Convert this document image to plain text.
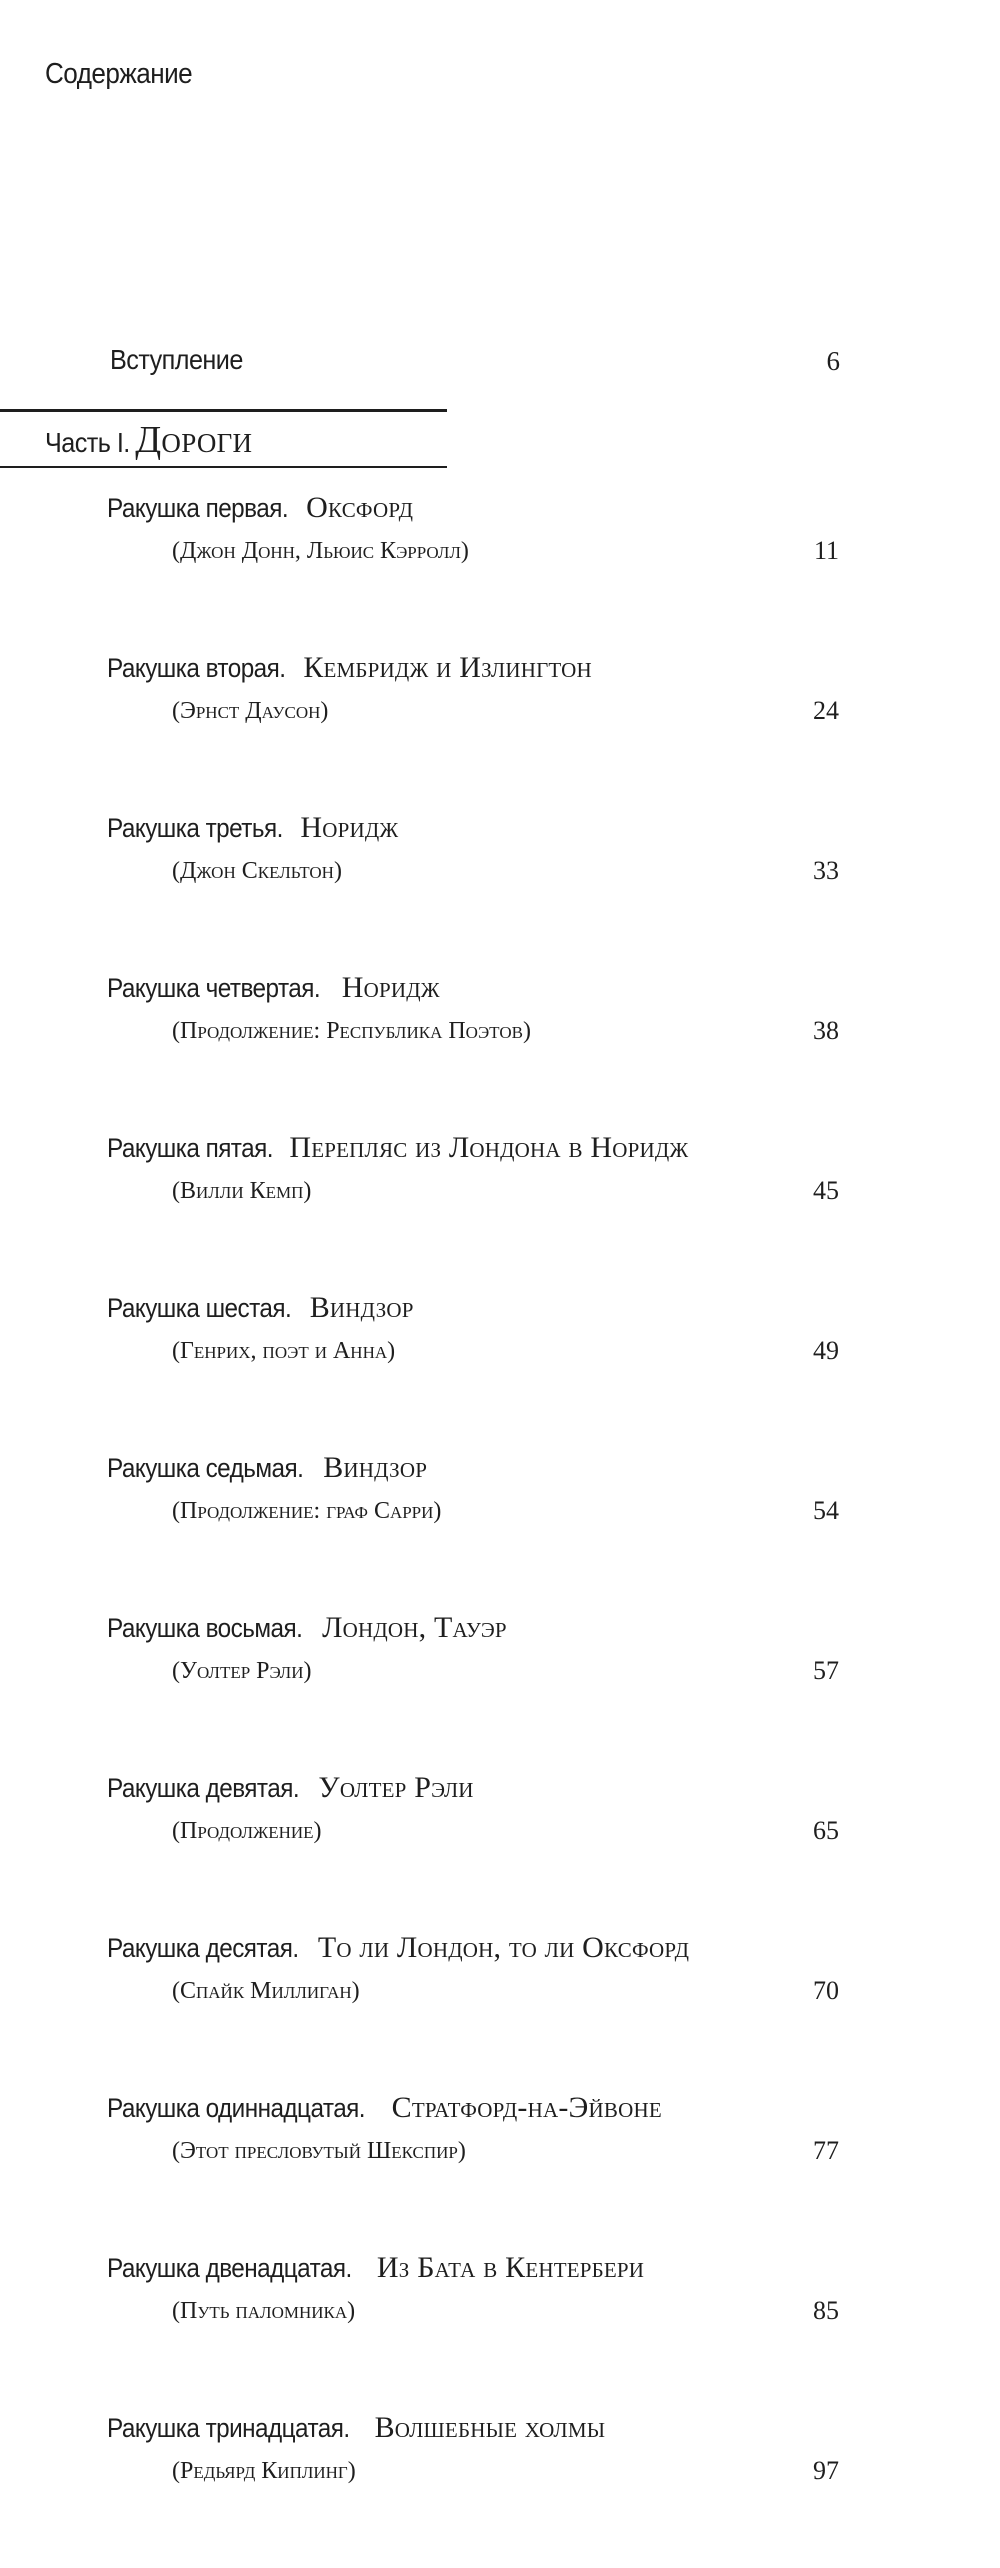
Содержание
Вступление	6
Часть I. Дороги
Ракушка первая. Оксфорд
(Джон Донн, Льюис Кэрролл)	11
Ракушка вторая. Кембридж и Излингтон
(Эрнст Даусон)	24
Ракушка третья. Норидж
(Джон Скельтон)	33
Ракушка четвертая. Норидж
(Продолжение: Республика Поэтов)	38
Ракушка пятая. Перепляс из Лондона в Норидж
(Вилли Кемп)	45
Ракушка шестая. Виндзор
(Генрих, поэт и Анна)	49
Ракушка седьмая. Виндзор
(Продолжение: граф Сарри)	54
Ракушка восьмая. Лондон, Тауэр
(Уолтер Рэли)	57
Ракушка девятая. Уолтер Рэли
(Продолжение)	65
Ракушка десятая. То ли Лондон, то ли Оксфорд
(Спайк Миллиган)	70
Ракушка одиннадцатая. Стратфорд-на-Эйвоне
(Этот пресловутый Шекспир)	77
Ракушка двенадцатая. Из Бата в Кентербери
(Путь паломника)	85
Ракушка тринадцатая. Волшебные холмы
(Редьярд Киплинг)	97
